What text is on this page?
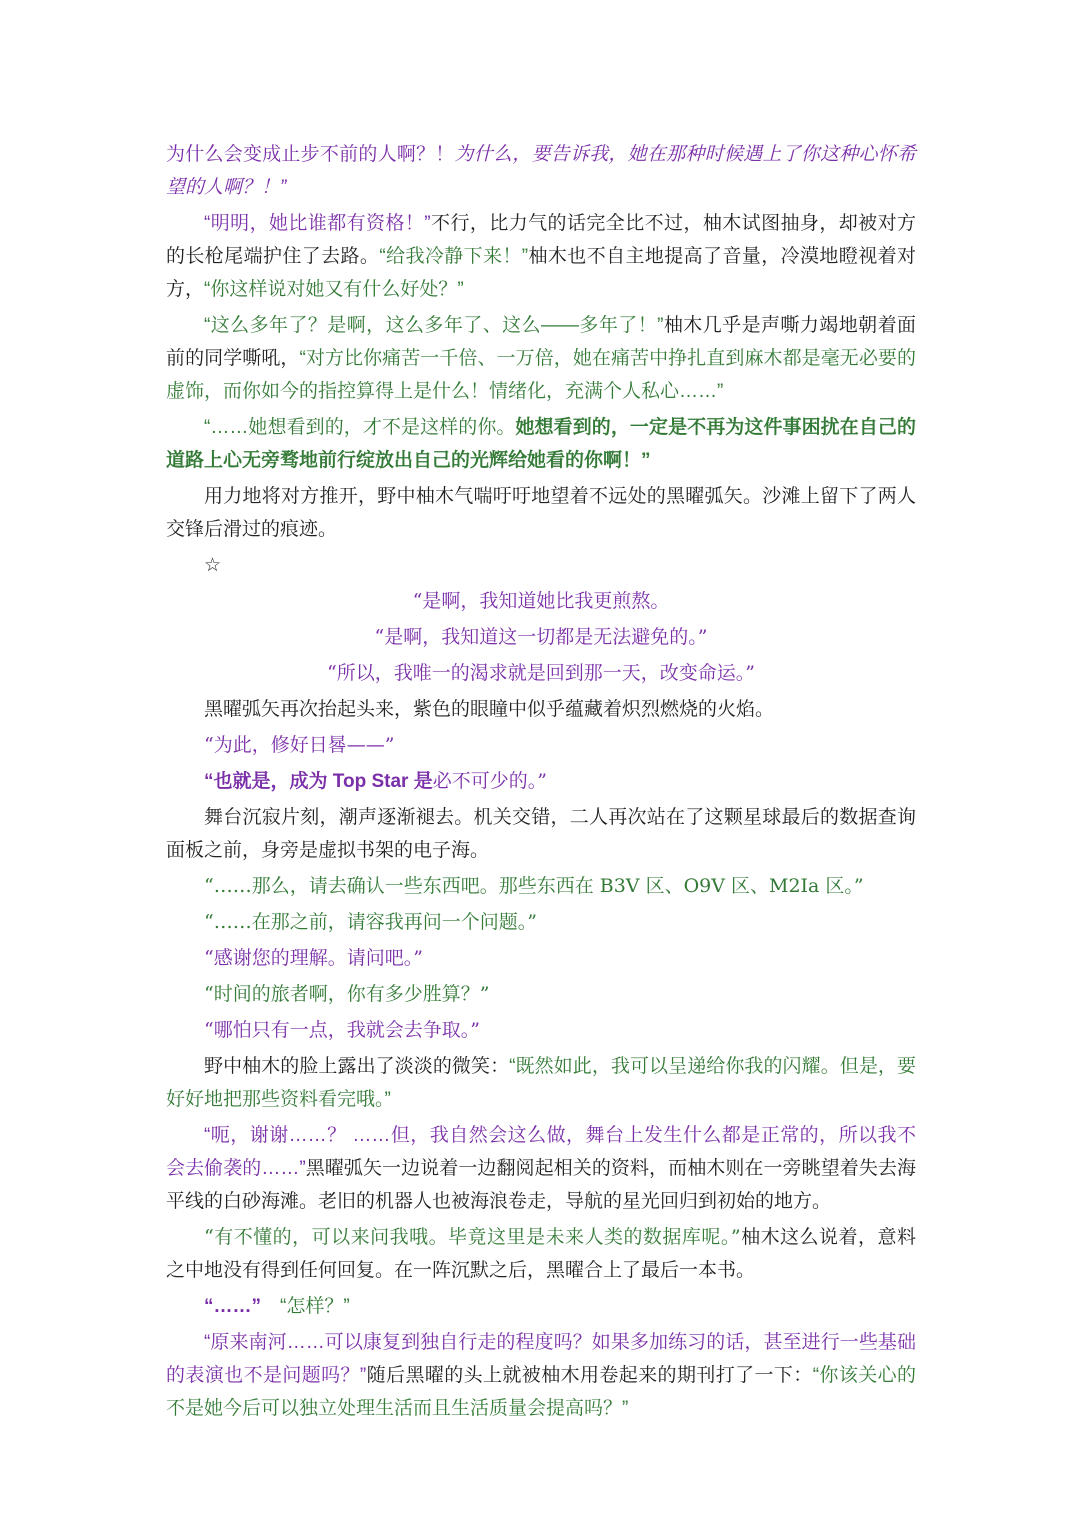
为什么会变成止步不前的人啊？！为什么，要告诉我，她在那种时候遇上了你这种心怀希望的人啊？！”

“明明，她比谁都有资格！”不行，比力气的话完全比不过，柚木试图抽身，却被对方的长枪尾端护住了去路。“给我冷静下来！”柚木也不自主地提高了音量，冷漠地瞪视着对方，“你这样说对她又有什么好处？”

“这么多年了？是啊，这么多年了、这么——多年了！”柚木几乎是声嘶力竭地朝着面前的同学嘶吼，“对方比你痛苦一千倍、一万倍，她在痛苦中挣扎直到麻木都是毫无必要的虚饰，而你如今的指控算得上是什么！情绪化，充满个人私心……”

“……她想看到的，才不是这样的你。她想看到的，一定是不再为这件事困扰在自己的道路上心无旁骛地前行绽放出自己的光辉给她看的你啊！”

用力地将对方推开，野中柚木气喘吁吁地望着不远处的黑曜弧矢。沙滩上留下了两人交锋后滑过的痕迹。

☆

“是啊，我知道她比我更煎熬。

“是啊，我知道这一切都是无法避免的。”

“所以，我唯一的渴求就是回到那一天，改变命运。”

黑曜弧矢再次抬起头来，紫色的眼瞳中似乎蕴藏着炽烈燃烧的火焰。

“为此，修好日晷——”

“也就是，成为 Top Star 是必不可少的。”

舞台沉寂片刻，潮声逐渐褪去。机关交错，二人再次站在了这颗星球最后的数据查询面板之前，身旁是虚拟书架的电子海。

“……那么，请去确认一些东西吧。那些东西在 B3V 区、O9V 区、M2Ia 区。”

“……在那之前，请容我再问一个问题。”

“感谢您的理解。请问吧。”

“时间的旅者啊，你有多少胜算？”

“哪怕只有一点，我就会去争取。”

野中柚木的脸上露出了淡淡的微笑：“既然如此，我可以呈递给你我的闪耀。但是，要好好地把那些资料看完哦。”

“呃，谢谢……？ ……但，我自然会这么做，舞台上发生什么都是正常的，所以我不会去偷袭的……”黑曜弧矢一边说着一边翻阅起相关的资料，而柚木则在一旁眺望着失去海平线的白砂海滩。老旧的机器人也被海浪卷走，导航的星光回归到初始的地方。

“有不懂的，可以来问我哦。毕竟这里是未来人类的数据库呢。”柚木这么说着，意料之中地没有得到任何回复。在一阵沉默之后，黑曜合上了最后一本书。

“……”　 “怎样？”

“原来南河……可以康复到独自行走的程度吗？如果多加练习的话，甚至进行一些基础的表演也不是问题吗？”随后黑曜的头上就被柚木用卷起来的期刊打了一下：“你该关心的不是她今后可以独立处理生活而且生活质量会提高吗？”
